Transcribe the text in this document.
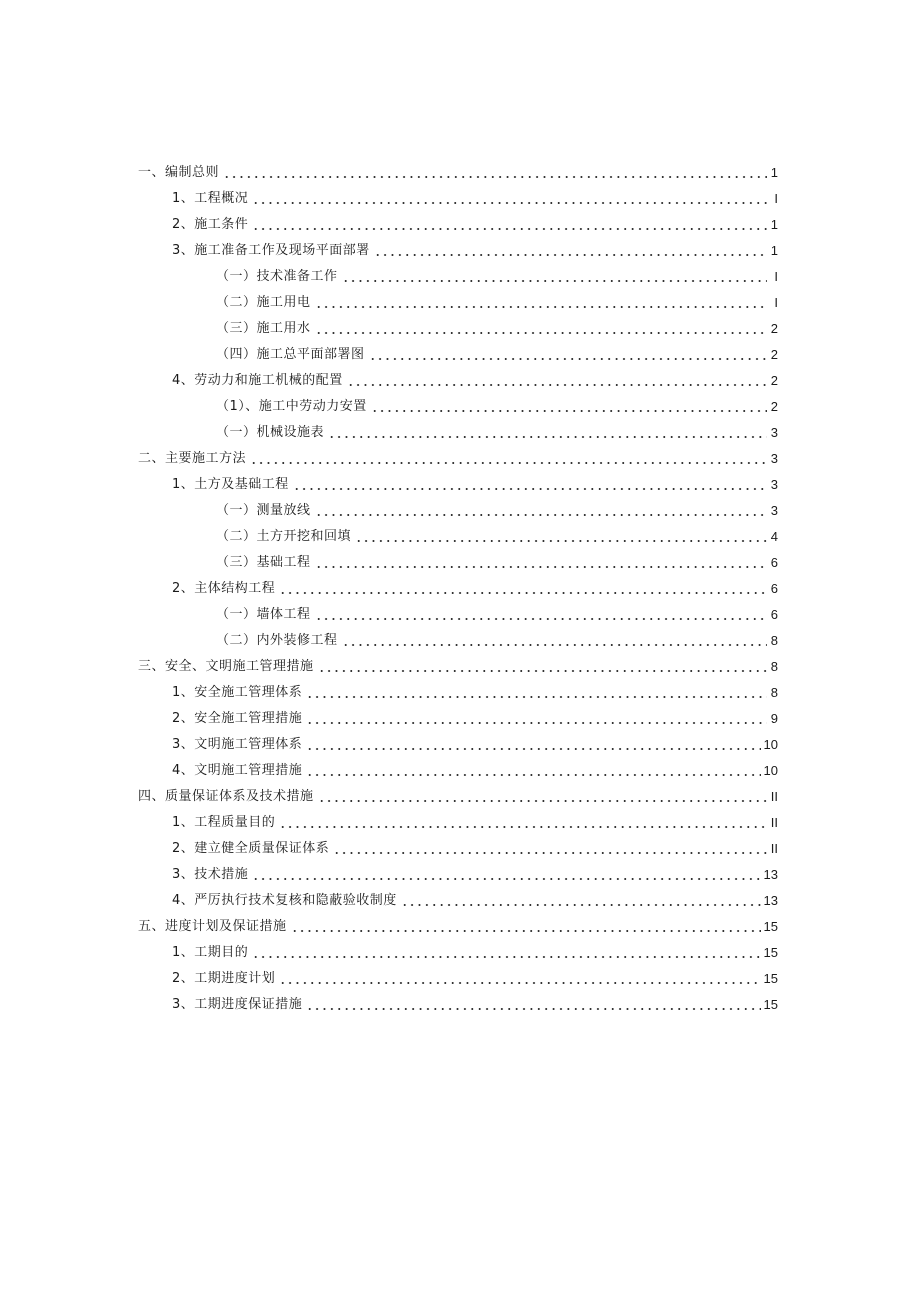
一、编制总则	1
1、工程概况	I
2、施工条件	1
3、施工准备工作及现场平面部署	1
（一）技术准备工作	I
（二）施工用电	I
（三）施工用水	2
（四）施工总平面部署图	2
4、劳动力和施工机械的配置	2
（1）、施工中劳动力安置	2
（一）机械设施表	3
二、主要施工方法	3
1、土方及基础工程	3
（一）测量放线	3
（二）土方开挖和回填	4
（三）基础工程	6
2、主体结构工程	6
（一）墙体工程	6
（二）内外装修工程	8
三、安全、文明施工管理措施	8
1、安全施工管理体系	8
2、安全施工管理措施	9
3、文明施工管理体系	10
4、文明施工管理措施	10
四、质量保证体系及技术措施	II
1、工程质量目的	II
2、建立健全质量保证体系	II
3、技术措施	13
4、严厉执行技术复核和隐蔽验收制度	13
五、进度计划及保证措施	15
1、工期目的	15
2、工期进度计划	15
3、工期进度保证措施	15
